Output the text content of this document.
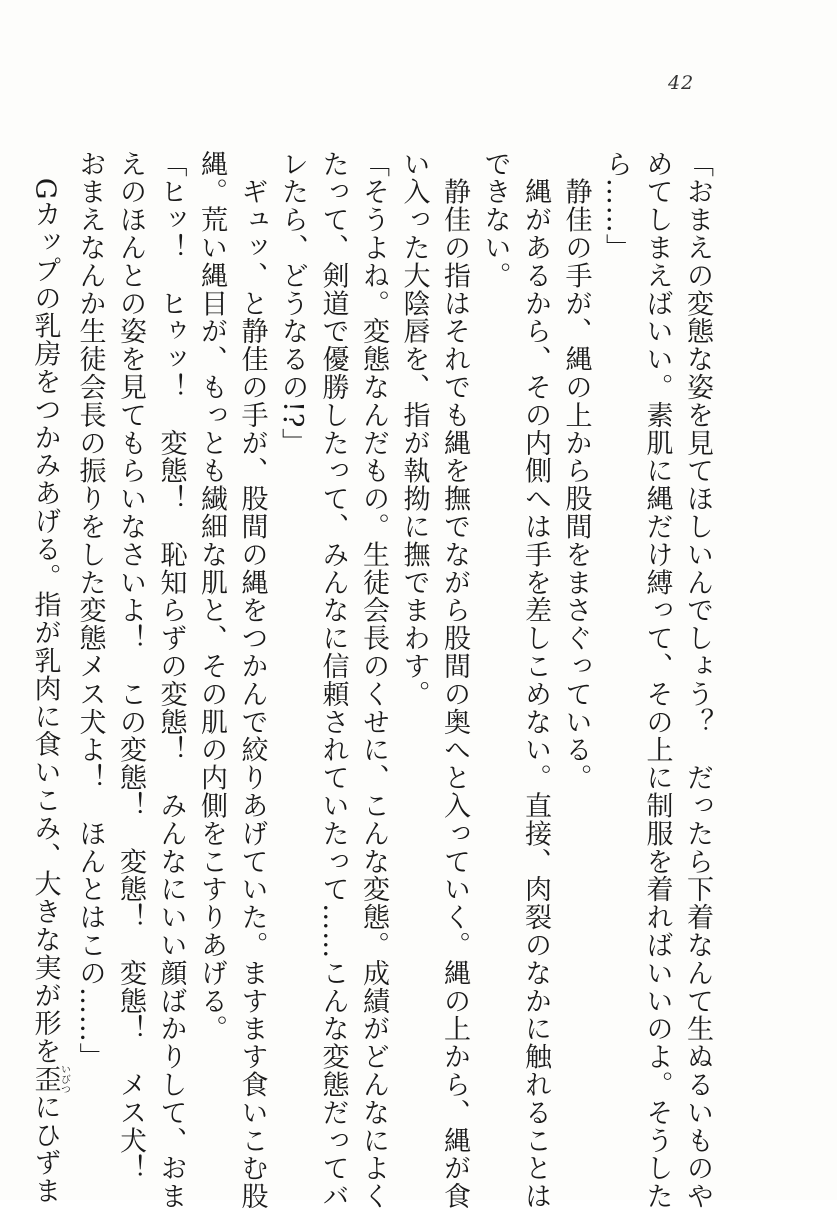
42
「おまえの変態な姿を見てほしいんでしょう？　だったら下着なんて生ぬるいものや
めてしまえばいい。素肌に縄だけ縛って、その上に制服を着ればいいのよ。そうした
ら……」
　静佳の手が、縄の上から股間をまさぐっている。
　縄があるから、その内側へは手を差しこめない。直接、肉裂のなかに触れることは
できない。
　静佳の指はそれでも縄を撫でながら股間の奥へと入っていく。縄の上から、縄が食
い入った大陰唇を、指が執拗に撫でまわす。
「そうよね。変態なんだもの。生徒会長のくせに、こんな変態。成績がどんなによく
たって、剣道で優勝したって、みんなに信頼されていたって……こんな変態だってバ
レたら、どうなるの!?」
　ギュッ、と静佳の手が、股間の縄をつかんで絞りあげていた。ますます食いこむ股
縄。荒い縄目が、もっとも繊細な肌と、その肌の内側をこすりあげる。
「ヒッ！　ヒゥッ！　変態！　恥知らずの変態！　みんなにいい顔ばかりして、おま
えのほんとの姿を見てもらいなさいよ！　この変態！　変態！　変態！　メス犬！
おまえなんか生徒会長の振りをした変態メス犬よ！　ほんとはこの……」
　Gカップの乳房をつかみあげる。指が乳肉に食いこみ、大きな実が形を歪いびつにひずま
